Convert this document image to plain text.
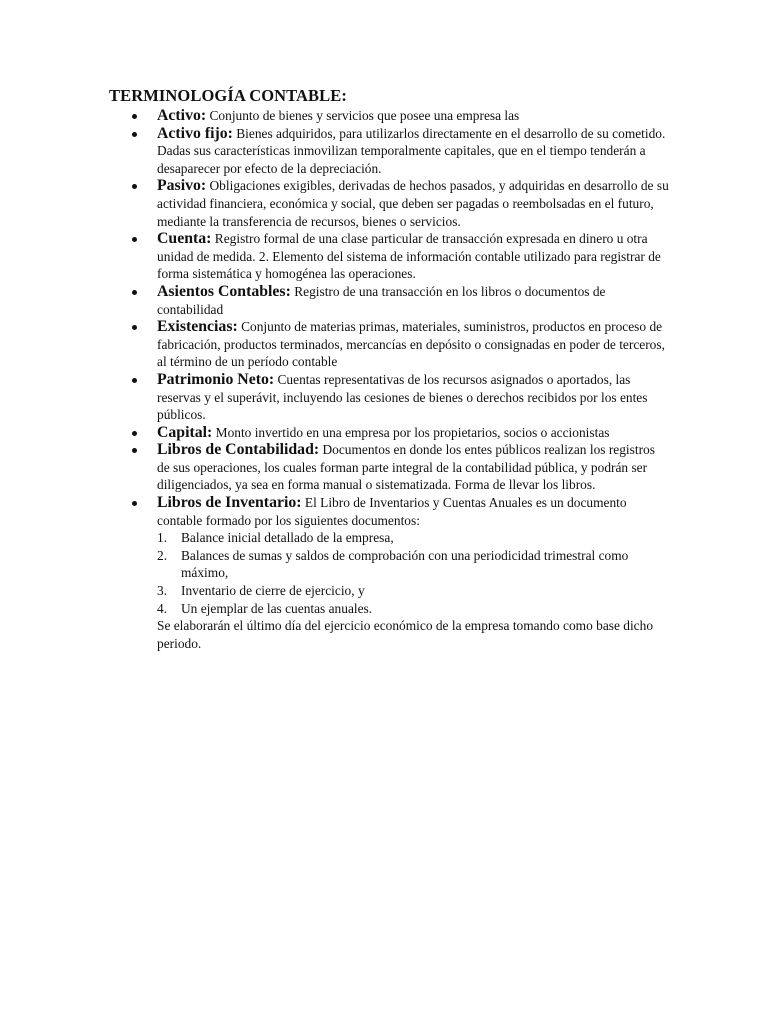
TERMINOLOGÍA CONTABLE:
Activo: Conjunto de bienes y servicios que posee una empresa las
Activo fijo: Bienes adquiridos, para utilizarlos directamente en el desarrollo de su cometido. Dadas sus características inmovilizan temporalmente capitales, que en el tiempo tenderán a desaparecer por efecto de la depreciación.
Pasivo: Obligaciones exigibles, derivadas de hechos pasados, y adquiridas en desarrollo de su actividad financiera, económica y social, que deben ser pagadas o reembolsadas en el futuro, mediante la transferencia de recursos, bienes o servicios.
Cuenta: Registro formal de una clase particular de transacción expresada en dinero u otra unidad de medida. 2. Elemento del sistema de información contable utilizado para registrar de forma sistemática y homogénea las operaciones.
Asientos Contables: Registro de una transacción en los libros o documentos de contabilidad
Existencias: Conjunto de materias primas, materiales, suministros, productos en proceso de fabricación, productos terminados, mercancías en depósito o consignadas en poder de terceros, al término de un período contable
Patrimonio Neto: Cuentas representativas de los recursos asignados o aportados, las reservas y el superávit, incluyendo las cesiones de bienes o derechos recibidos por los entes públicos.
Capital: Monto invertido en una empresa por los propietarios, socios o accionistas
Libros de Contabilidad: Documentos en donde los entes públicos realizan los registros de sus operaciones, los cuales forman parte integral de la contabilidad pública, y podrán ser diligenciados, ya sea en forma manual o sistematizada. Forma de llevar los libros.
Libros de Inventario: El Libro de Inventarios y Cuentas Anuales es un documento contable formado por los siguientes documentos:
1. Balance inicial detallado de la empresa,
2. Balances de sumas y saldos de comprobación con una periodicidad trimestral como máximo,
3. Inventario de cierre de ejercicio, y
4. Un ejemplar de las cuentas anuales.
Se elaborarán el último día del ejercicio económico de la empresa tomando como base dicho periodo.
